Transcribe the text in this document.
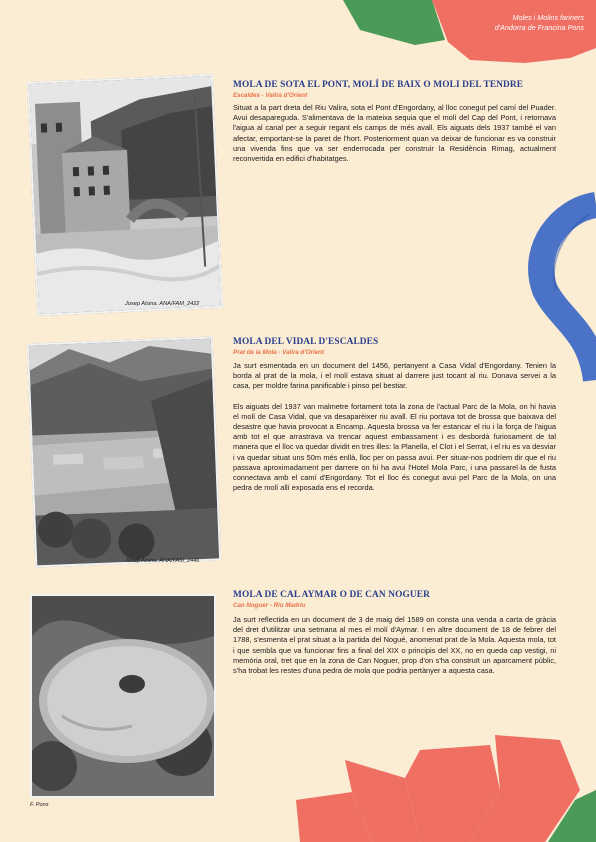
Moles i Molins fariners
d'Andorra de Francina Pons
Josep Alsina. ANA/FAM_2422
Josep Alsina. ANA/FAM_2446
F. Pons
MOLA DE SOTA EL PONT, MOLÍ DE BAIX O MOLI DEL TENDRE
Escaldes - Valira d'Orient

Situat a la part dreta del Riu Valira, sota el Pont d'Engordany, al lloc conegut pel camí del Puader. Avui desapareguda. S'alimentava de la mateixa sequia que el molí del Cap del Pont, i retornava l'aigua al canal per a seguir regant els camps de més avall. Els aiguats dels 1937 també el van afectar, emportant-se la paret de l'hort. Posteriorment quan va deixar de funcionar es va construir una vivenda fins que va ser enderrocada per construir la Residència Rimag, actualment reconvertida en edifici d'habitatges.

MOLA DEL VIDAL D'ESCALDES
Prat de la Mola - Valira d'Orient

Ja surt esmentada en un document del 1456, pertanyent a Casa Vidal d'Engordany. Tenien la borda al prat de la mola, i el molí estava situat al darrere just tocant al riu. Donava servei a la casa, per moldre farina panificable i pinso pel bestiar.

Els aiguats del 1937 van malmetre fortament tota la zona de l'actual Parc de la Mola, on hi havia el molí de Casa Vidal, que va desaparèixer riu avall. El riu portava tot de brossa que baixava del desastre que havia provocat a Encamp. Aquesta brossa va fer estancar el riu i la força de l'aigua amb tot el que arrastrava va trencar aquest embassament i es desbordà furiosament de tal manera que el lloc va quedar dividit en tres illes: la Planella, el Clot i el Serrat, i el riu es va desviar i va quedar situat uns 50m més enllà, lloc per on passa avui. Per situar-nos podríem dir que el riu passava aproximadament per darrere on hi ha avui l'Hotel Mola Parc, i una passarel·la de fusta connectava amb el camí d'Engordany. Tot el lloc és conegut avui pel Parc de la Mola, on una pedra de molí allí exposada ens el recorda.

MOLA DE CAL AYMAR O DE CAN NOGUER
Can Noguer - Riu Madriu

Ja surt reflectida en un document de 3 de maig del 1589 on consta una venda a carta de gràcia del dret d'utilitzar una setmana al mes el molí d'Aymar. I en altre document de 18 de febrer del 1788, s'esmenta el prat situat a la partida del Nogué, anomenat prat de la Mola. Aquesta mola, tot i que sembla que va funcionar fins a final del XIX o principis del XX, no en queda cap vestigi, ni memòria oral, tret que en la zona de Can Noguer, prop d'on s'ha construït un aparcament públic, s'ha trobat les restes d'una pedra de mola que podria pertànyer a aquesta casa.
